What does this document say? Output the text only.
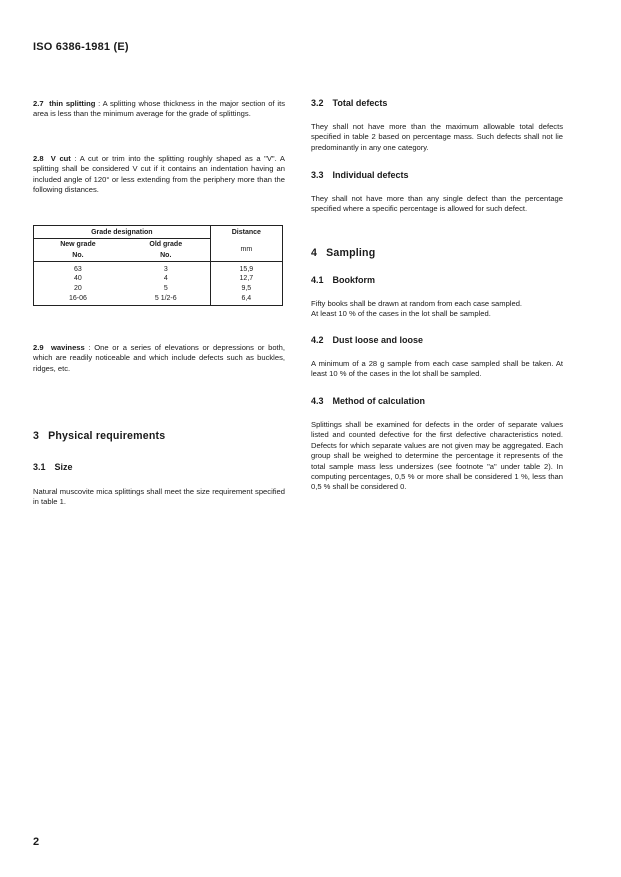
ISO 6386-1981 (E)

2.7 thin splitting : A splitting whose thickness in the major section of its area is less than the minimum average for the grade of splittings.

2.8 V cut : A cut or trim into the splitting roughly shaped as a "V". A splitting shall be considered V cut if it contains an indentation having an included angle of 120° or less extending from the periphery more than the following distances.

Grade designation		Distance
New grade	Old grade	mm
No.	No.	
63	3	15,9
40	4	12,7
20	5	9,5
16-06	5 1/2-6	6,4

2.9 waviness : One or a series of elevations or depressions or both, which are readily noticeable and which include defects such as buckles, ridges, etc.

3 Physical requirements
3.1 Size

Natural muscovite mica splittings shall meet the size requirement specified in table 1.

3.2 Total defects

They shall not have more than the maximum allowable total defects specified in table 2 based on percentage mass. Such defects shall not lie predominantly in any one category.

3.3 Individual defects

They shall not have more than any single defect than the percentage specified where a specific percentage is allowed for such defect.

4 Sampling
4.1 Bookform

Fifty books shall be drawn at random from each case sampled.

At least 10 % of the cases in the lot shall be sampled.

4.2 Dust loose and loose

A minimum of a 28 g sample from each case sampled shall be taken. At least 10 % of the cases in the lot shall be sampled.

4.3 Method of calculation

Splittings shall be examined for defects in the order of separate values listed and counted defective for the first defective characteristics noted. Defects for which separate values are not given may be aggregated. Each group shall be weighed to determine the percentage it represents of the total sample mass less undersizes (see footnote "a" under table 2). In computing percentages, 0,5 % or more shall be considered 1 %, less than 0,5 % shall be considered 0.

2
